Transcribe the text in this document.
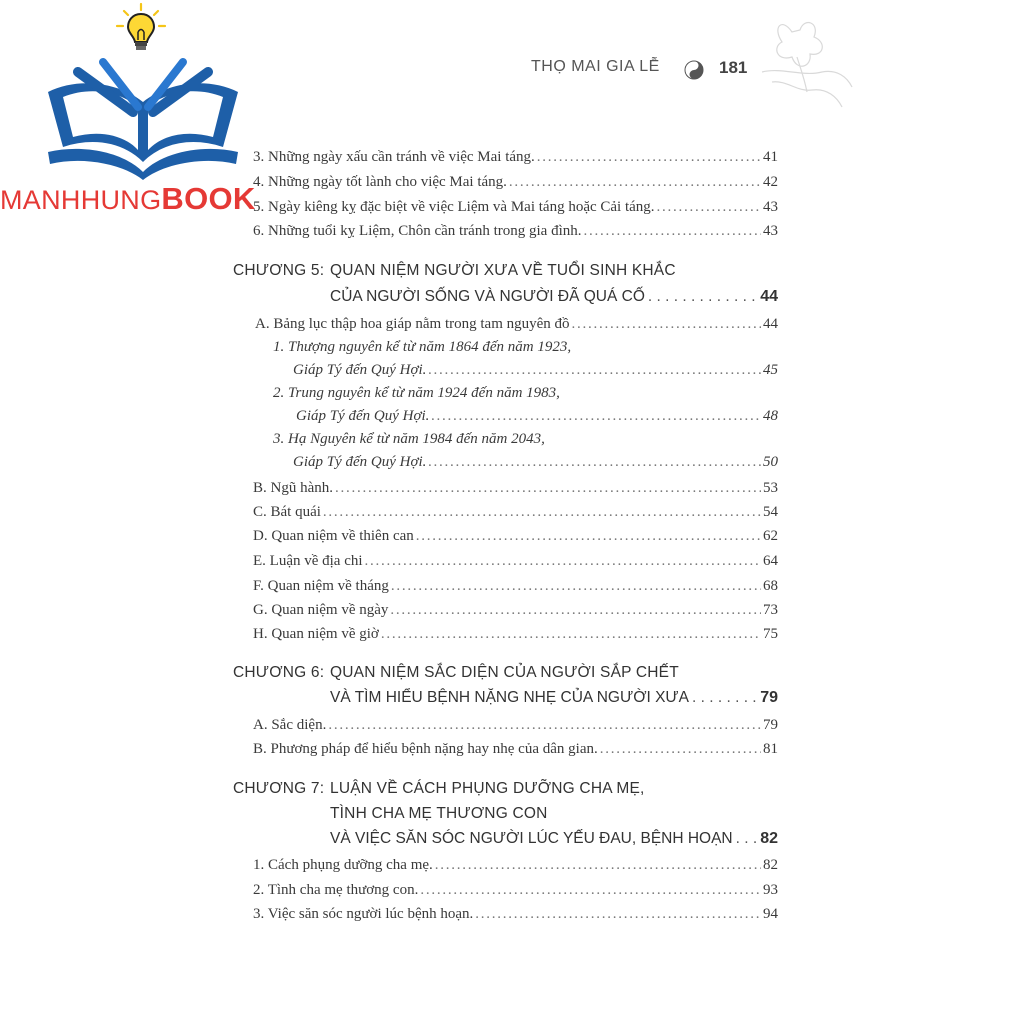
THỌ MAI GIA LỄ	181
MANHHUNGBOOK
3. Những ngày xấu cần tránh về việc Mai táng. . . .	41
4. Những ngày tốt lành cho việc Mai táng. . . .	42
5. Ngày kiêng kỵ đặc biệt về việc Liệm và Mai táng hoặc Cải táng. . . .	43
6. Những tuổi kỵ Liệm, Chôn cần tránh trong gia đình. . . .	43
CHƯƠNG 5: QUAN NIỆM NGƯỜI XƯA VỀ TUỔI SINH KHẮC
CỦA NGƯỜI SỐNG VÀ NGƯỜI ĐÃ QUÁ CỐ . . .	44
A. Bảng lục thập hoa giáp nằm trong tam nguyên đồ . . .	44
1. Thượng nguyên kể từ năm 1864 đến năm 1923,
Giáp Tý đến Quý Hợi. . . .	45
2. Trung nguyên kể từ năm 1924 đến năm 1983,
Giáp Tý đến Quý Hợi. . . .	48
3. Hạ Nguyên kể từ năm 1984 đến năm 2043,
Giáp Tý đến Quý Hợi. . . .	50
B. Ngũ hành. . . .	53
C. Bát quái . . .	54
D. Quan niệm về thiên can . . .	62
E. Luận về địa chi . . .	64
F. Quan niệm về tháng . . .	68
G. Quan niệm về ngày . . .	73
H. Quan niệm về giờ . . .	75
CHƯƠNG 6: QUAN NIỆM SẮC DIỆN CỦA NGƯỜI SẮP CHẾT
VÀ TÌM HIỂU BỆNH NẶNG NHẸ CỦA NGƯỜI XƯA . . .	79
A. Sắc diện. . . .	79
B. Phương pháp để hiểu bệnh nặng hay nhẹ của dân gian. . . .	81
CHƯƠNG 7: LUẬN VỀ CÁCH PHỤNG DƯỠNG CHA MẸ,
TÌNH CHA MẸ THƯƠNG CON
VÀ VIỆC SĂN SÓC NGƯỜI LÚC YẾU ĐAU, BỆNH HOẠN . . . 82
1. Cách phụng dưỡng cha mẹ. . . .	82
2. Tình cha mẹ thương con. . . .	93
3. Việc săn sóc người lúc bệnh hoạn. . . .	94
